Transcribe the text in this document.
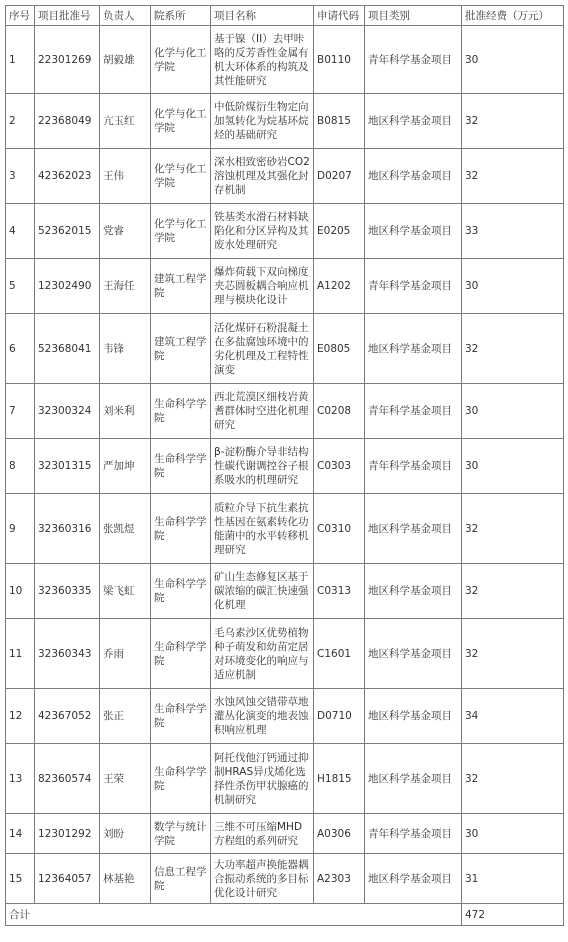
序号	项目批准号	负责人	院系所	项目名称	申请代码	项目类别	批准经费（万元）
1	22301269	胡毅雄	化学与化工学院	基于镍（II）去甲咔咯的反芳香性金属有机大环体系的构筑及其性能研究	B0110	青年科学基金项目	30
2	22368049	亢玉红	化学与化工学院	中低阶煤衍生物定向加氢转化为烷基环烷烃的基础研究	B0815	地区科学基金项目	32
3	42362023	王伟	化学与化工学院	深水相致密砂岩CO2溶蚀机理及其强化封存机制	D0207	地区科学基金项目	32
4	52362015	党睿	化学与化工学院	铁基类水滑石材料缺陷化和分区异构及其废水处理研究	E0205	地区科学基金项目	33
5	12302490	王海任	建筑工程学院	爆炸荷载下双向梯度夹芯圆板耦合响应机理与模块化设计	A1202	青年科学基金项目	30
6	52368041	韦锋	建筑工程学院	活化煤矸石粉混凝土在多盐腐蚀环境中的劣化机理及工程特性演变	E0805	地区科学基金项目	32
7	32300324	刘米利	生命科学学院	西北荒漠区细枝岩黄耆群体时空进化机理研究	C0208	青年科学基金项目	30
8	32301315	严加坤	生命科学学院	β-淀粉酶介导非结构性碳代谢调控谷子根系吸水的机理研究	C0303	青年科学基金项目	30
9	32360316	张凯煜	生命科学学院	质粒介导下抗生素抗性基因在氨素转化功能菌中的水平转移机理研究	C0310	地区科学基金项目	32
10	32360335	梁飞虹	生命科学学院	矿山生态修复区基于碳浓缩的碳汇快速强化机理	C0313	地区科学基金项目	32
11	32360343	乔雨	生命科学学院	毛乌素沙区优势植物种子萌发和幼苗定居对环境变化的响应与适应机制	C1601	地区科学基金项目	32
12	42367052	张正	生命科学学院	水蚀风蚀交错带草地灌丛化演变的地表蚀积响应机理	D0710	地区科学基金项目	34
13	82360574	王荣	生命科学学院	阿托伐他汀钙通过抑制HRAS异戊烯化选择性杀伤甲状腺癌的机制研究	H1815	地区科学基金项目	32
14	12301292	刘盼	数学与统计学院	三维不可压缩MHD方程组的系列研究	A0306	青年科学基金项目	30
15	12364057	林基艳	信息工程学院	大功率超声换能器耦合振动系统的多目标优化设计研究	A2303	地区科学基金项目	31
合计							472
